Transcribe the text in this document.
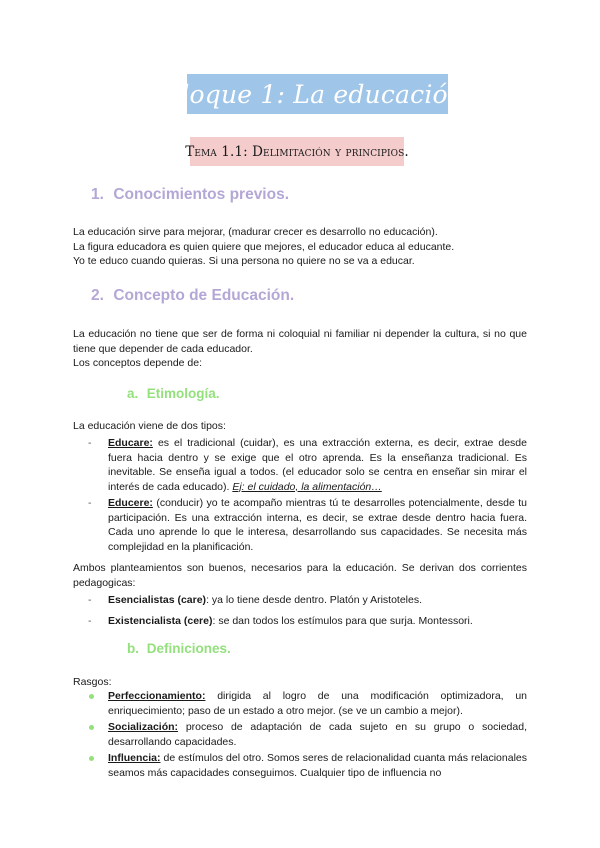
Bloque 1: La educación.
Tema 1.1: Delimitación y principios.
1. Conocimientos previos.
La educación sirve para mejorar, (madurar crecer es desarrollo no educación).
La figura educadora es quien quiere que mejores, el educador educa al educante.
Yo te educo cuando quieras. Si una persona no quiere no se va a educar.
2. Concepto de Educación.
La educación no tiene que ser de forma ni coloquial ni familiar ni depender la cultura, si no que tiene que depender de cada educador.
Los conceptos depende de:
a. Etimología.
La educación viene de dos tipos:
- Educare: es el tradicional (cuidar), es una extracción externa, es decir, extrae desde fuera hacia dentro y se exige que el otro aprenda. Es la enseñanza tradicional. Es inevitable. Se enseña igual a todos. (el educador solo se centra en enseñar sin mirar el interés de cada educado). Ej: el cuidado, la alimentación…
- Educere: (conducir) yo te acompaño mientras tú te desarrolles potencialmente, desde tu participación. Es una extracción interna, es decir, se extrae desde dentro hacia fuera. Cada uno aprende lo que le interesa, desarrollando sus capacidades. Se necesita más complejidad en la planificación.
Ambos planteamientos son buenos, necesarios para la educación. Se derivan dos corrientes pedagogicas:
- Esencialistas (care): ya lo tiene desde dentro. Platón y Aristoteles.
- Existencialista (cere): se dan todos los estímulos para que surja. Montessori.
b. Definiciones.
Rasgos:
Perfeccionamiento: dirigida al logro de una modificación optimizadora, un enriquecimiento; paso de un estado a otro mejor. (se ve un cambio a mejor).
Socialización: proceso de adaptación de cada sujeto en su grupo o sociedad, desarrollando capacidades.
Influencia: de estímulos del otro. Somos seres de relacionalidad cuanta más relacionales seamos más capacidades conseguimos. Cualquier tipo de influencia no
